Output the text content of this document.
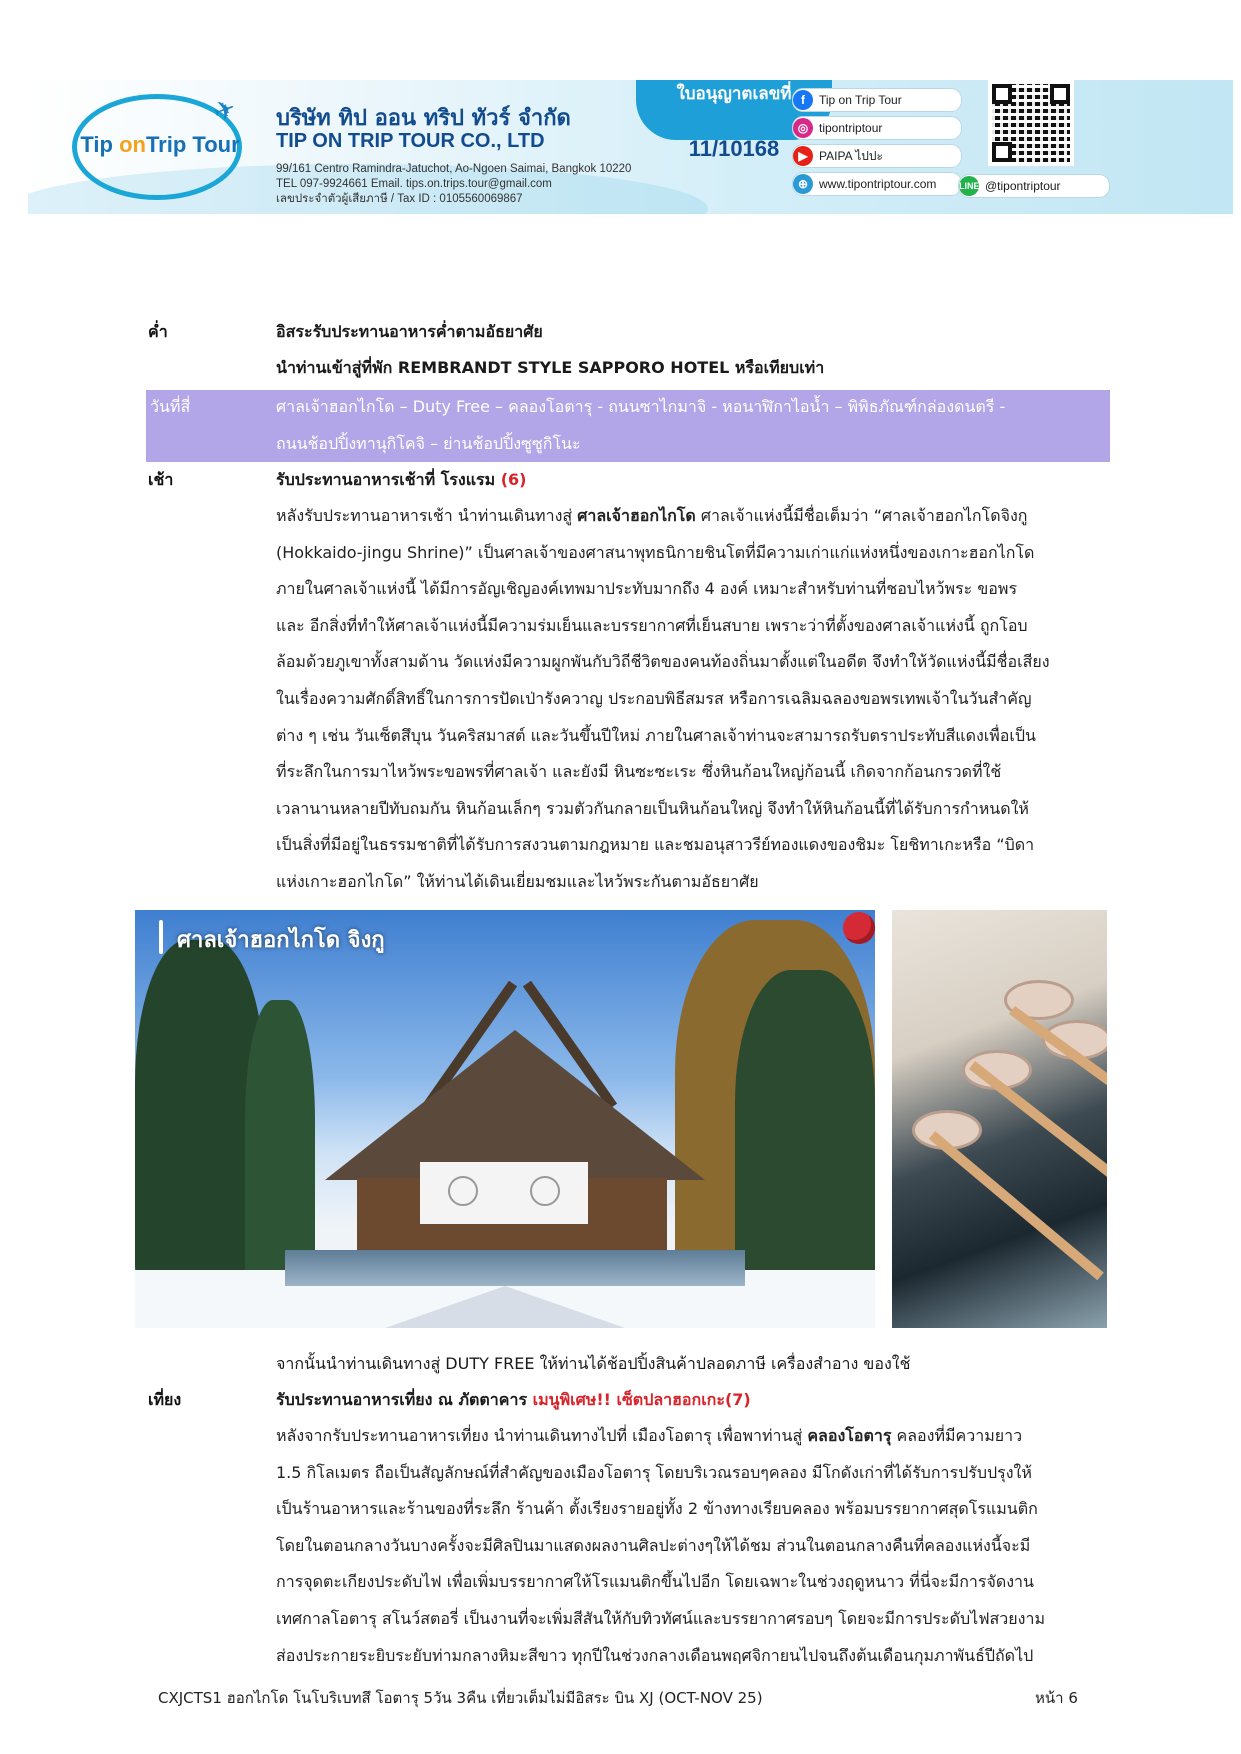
✈
Tip onTrip Tour
บริษัท ทิป ออน ทริป ทัวร์ จำกัด
TIP ON TRIP TOUR CO., LTD
99/161 Centro Ramindra-Jatuchot, Ao-Ngoen Saimai, Bangkok 10220
TEL 097-9924661 Email. tips.on.trips.tour@gmail.com
เลขประจำตัวผู้เสียภาษี / Tax ID : 0105560069867
ใบอนุญาตเลขที่
11/10168
f	Tip on Trip Tour
◎ tipontriptour
▶ PAIPA ไปปะ
⊕ www.tipontriptour.com	LINE @tipontriptour
ค่ำ	อิสระรับประทานอาหารค่ำตามอัธยาศัย
นำท่านเข้าสู่ที่พัก REMBRANDT STYLE SAPPORO HOTEL หรือเทียบเท่า
วันที่สี่	ศาลเจ้าฮอกไกโด – Duty Free – คลองโอตารุ - ถนนซาไกมาจิ - หอนาฬิกาไอน้ำ – พิพิธภัณฑ์กล่องดนตรี -
ถนนช้อปปิ้งทานุกิโคจิ – ย่านช้อปปิ้งซูซูกิโนะ
เช้า	รับประทานอาหารเช้าที่ โรงแรม (6)
หลังรับประทานอาหารเช้า นำท่านเดินทางสู่ ศาลเจ้าฮอกไกโด ศาลเจ้าแห่งนี้มีชื่อเต็มว่า “ศาลเจ้าฮอกไกโดจิงกู
(Hokkaido-jingu Shrine)” เป็นศาลเจ้าของศาสนาพุทธนิกายชินโตที่มีความเก่าแก่แห่งหนึ่งของเกาะฮอกไกโด
ภายในศาลเจ้าแห่งนี้ ได้มีการอัญเชิญองค์เทพมาประทับมากถึง 4 องค์ เหมาะสำหรับท่านที่ชอบไหว้พระ ขอพร
และ อีกสิ่งที่ทำให้ศาลเจ้าแห่งนี้มีความร่มเย็นและบรรยากาศที่เย็นสบาย เพราะว่าที่ตั้งของศาลเจ้าแห่งนี้ ถูกโอบ
ล้อมด้วยภูเขาทั้งสามด้าน วัดแห่งมีความผูกพันกับวิถีชีวิตของคนท้องถิ่นมาตั้งแต่ในอดีต จึงทำให้วัดแห่งนี้มีชื่อเสียง
ในเรื่องความศักดิ์สิทธิ์ในการการปัดเป่ารังควาญ ประกอบพิธีสมรส หรือการเฉลิมฉลองขอพรเทพเจ้าในวันสำคัญ
ต่าง ๆ เช่น วันเซ็ตสึบุน วันคริสมาสต์ และวันขึ้นปีใหม่ ภายในศาลเจ้าท่านจะสามารถรับตราประทับสีแดงเพื่อเป็น
ที่ระลึกในการมาไหว้พระขอพรที่ศาลเจ้า และยังมี หินซะซะเระ ซึ่งหินก้อนใหญ่ก้อนนี้ เกิดจากก้อนกรวดที่ใช้
เวลานานหลายปีทับถมกัน หินก้อนเล็กๆ รวมตัวกันกลายเป็นหินก้อนใหญ่ จึงทำให้หินก้อนนี้ที่ได้รับการกำหนดให้
เป็นสิ่งที่มีอยู่ในธรรมชาติที่ได้รับการสงวนตามกฎหมาย และชมอนุสาวรีย์ทองแดงของชิมะ โยชิทาเกะหรือ “บิดา
แห่งเกาะฮอกไกโด” ให้ท่านได้เดินเยี่ยมชมและไหว้พระกันตามอัธยาศัย
ศาลเจ้าฮอกไกโด จิงกู
จากนั้นนำท่านเดินทางสู่ DUTY FREE ให้ท่านได้ช้อปปิ้งสินค้าปลอดภาษี เครื่องสำอาง ของใช้
เที่ยง	รับประทานอาหารเที่ยง ณ ภัตตาคาร เมนูพิเศษ!! เซ็ตปลาฮอกเกะ(7)
หลังจากรับประทานอาหารเที่ยง นำท่านเดินทางไปที่ เมืองโอตารุ เพื่อพาท่านสู่ คลองโอตารุ คลองที่มีความยาว
1.5 กิโลเมตร ถือเป็นสัญลักษณ์ที่สำคัญของเมืองโอตารุ โดยบริเวณรอบๆคลอง มีโกดังเก่าที่ได้รับการปรับปรุงให้
เป็นร้านอาหารและร้านของที่ระลึก ร้านค้า ตั้งเรียงรายอยู่ทั้ง 2 ข้างทางเรียบคลอง พร้อมบรรยากาศสุดโรแมนติก
โดยในตอนกลางวันบางครั้งจะมีศิลปินมาแสดงผลงานศิลปะต่างๆให้ได้ชม ส่วนในตอนกลางคืนที่คลองแห่งนี้จะมี
การจุดตะเกียงประดับไฟ เพื่อเพิ่มบรรยากาศให้โรแมนติกขึ้นไปอีก โดยเฉพาะในช่วงฤดูหนาว ที่นี่จะมีการจัดงาน
เทศกาลโอตารุ สโนว์สตอรี่ เป็นงานที่จะเพิ่มสีสันให้กับทิวทัศน์และบรรยากาศรอบๆ โดยจะมีการประดับไฟสวยงาม
ส่องประกายระยิบระยับท่ามกลางหิมะสีขาว ทุกปีในช่วงกลางเดือนพฤศจิกายนไปจนถึงต้นเดือนกุมภาพันธ์ปีถัดไป
CXJCTS1 ฮอกไกโด โนโบริเบทสึ โอตารุ 5วัน 3คืน เที่ยวเต็มไม่มีอิสระ บิน XJ (OCT-NOV 25)	หน้า 6
